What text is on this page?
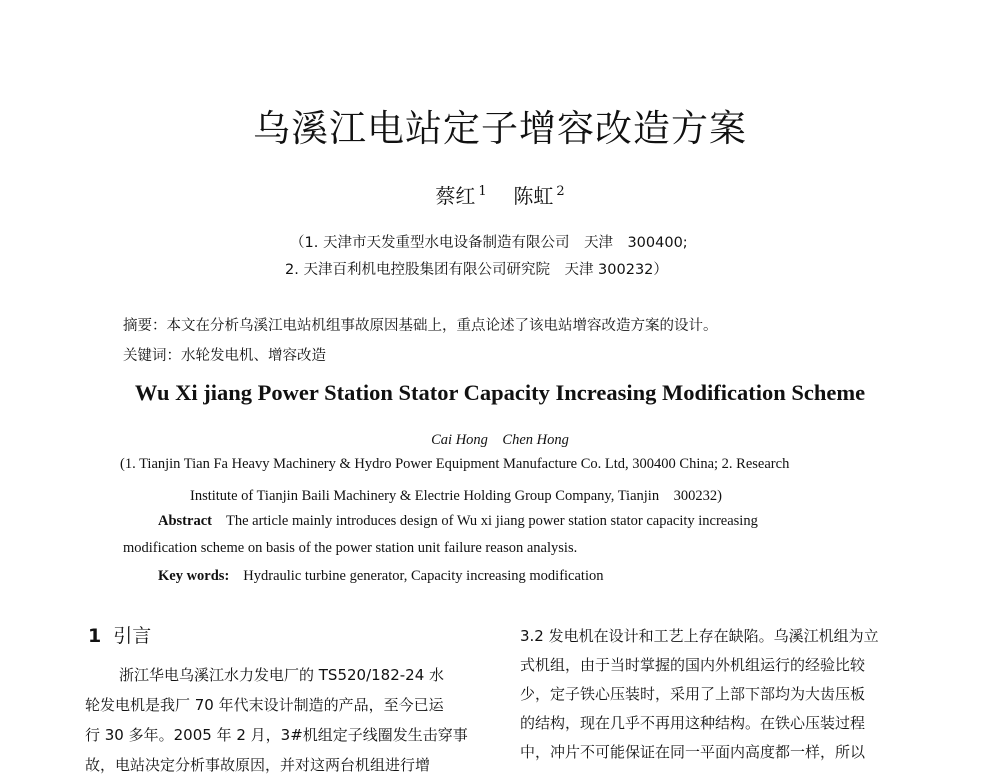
乌溪江电站定子增容改造方案
蔡红 $^1$ 陈虹 $^2$
（1. 天津市天发重型水电设备制造有限公司　天津　300400;
2. 天津百利机电控股集团有限公司研究院　天津 300232）
摘要：本文在分析乌溪江电站机组事故原因基础上，重点论述了该电站增容改造方案的设计。
关键词：水轮发电机、增容改造
Wu Xi jiang Power Station Stator Capacity Increasing Modification Scheme
Cai Hong　Chen Hong
(1. Tianjin Tian Fa Heavy Machinery & Hydro Power Equipment Manufacture Co. Ltd, 300400 China; 2. Research
Institute of Tianjin Baili Machinery & Electrie Holding Group Company, Tianjin　300232)
Abstract The article mainly introduces design of Wu xi jiang power station stator capacity increasing
modification scheme on basis of the power station unit failure reason analysis.
Key words: Hydraulic turbine generator, Capacity increasing modification
1 引言
浙江华电乌溪江水力发电厂的 TS520/182-24 水
轮发电机是我厂 70 年代末设计制造的产品，至今已运
行 30 多年。2005 年 2 月，3#机组定子线圈发生击穿事
故，电站决定分析事故原因，并对这两台机组进行增
3.2 发电机在设计和工艺上存在缺陷。乌溪江机组为立
式机组，由于当时掌握的国内外机组运行的经验比较
少，定子铁心压装时，采用了上部下部均为大齿压板
的结构，现在几乎不再用这种结构。在铁心压装过程
中，冲片不可能保证在同一平面内高度都一样，所以
